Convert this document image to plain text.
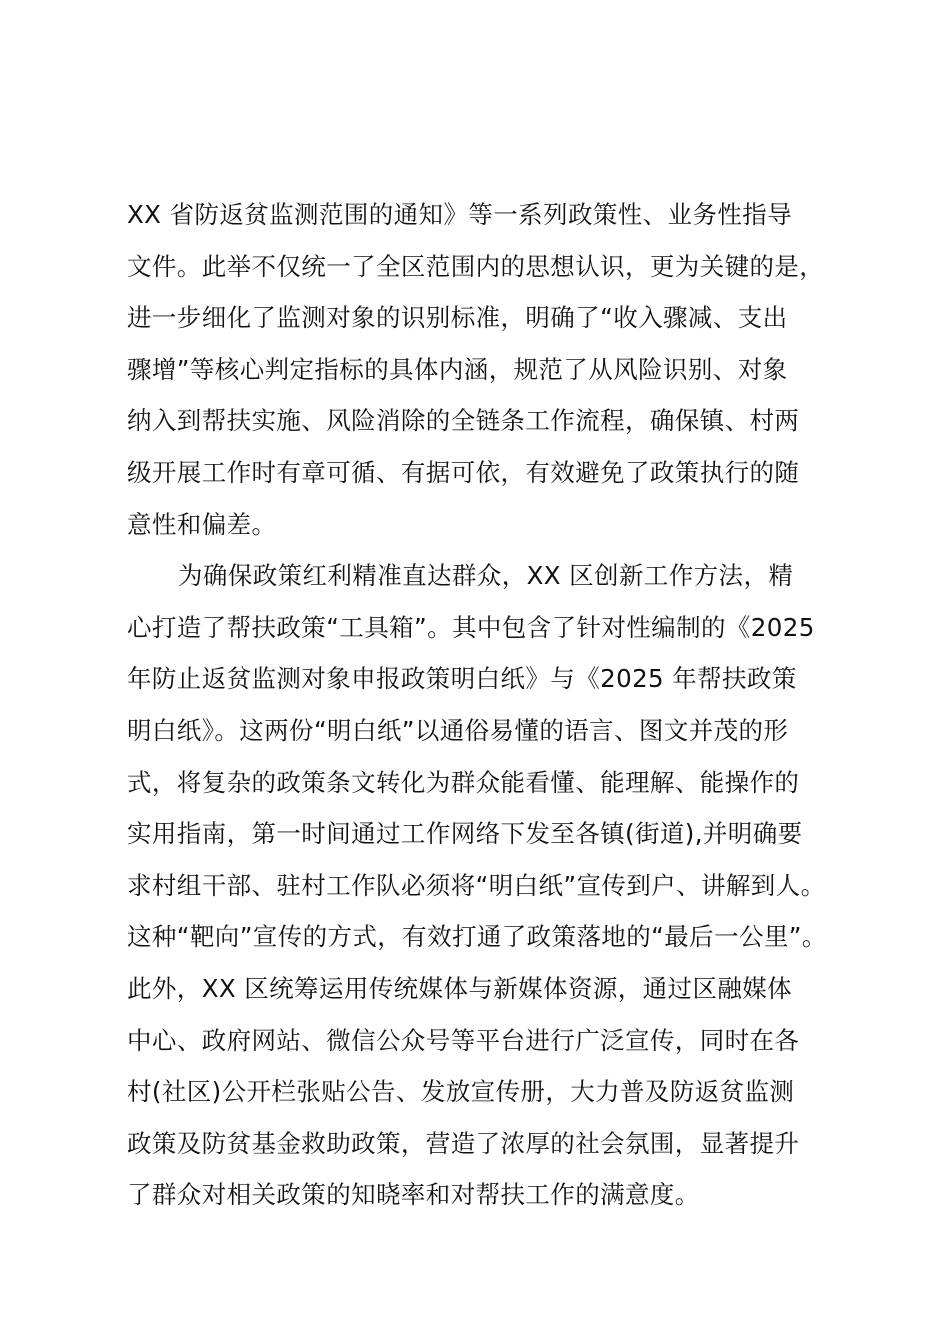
XX 省防返贫监测范围的通知》等一系列政策性、业务性指导
文件。此举不仅统一了全区范围内的思想认识，更为关键的是，
进一步细化了监测对象的识别标准，明确了“收入骤减、支出
骤增”等核心判定指标的具体内涵，规范了从风险识别、对象
纳入到帮扶实施、风险消除的全链条工作流程，确保镇、村两
级开展工作时有章可循、有据可依，有效避免了政策执行的随
意性和偏差。
为确保政策红利精准直达群众，XX 区创新工作方法，精
心打造了帮扶政策“工具箱”。其中包含了针对性编制的《2025
年防止返贫监测对象申报政策明白纸》与《2025 年帮扶政策
明白纸》。这两份“明白纸”以通俗易懂的语言、图文并茂的形
式，将复杂的政策条文转化为群众能看懂、能理解、能操作的
实用指南，第一时间通过工作网络下发至各镇(街道),并明确要
求村组干部、驻村工作队必须将“明白纸”宣传到户、讲解到人。
这种“靶向”宣传的方式，有效打通了政策落地的“最后一公里”。
此外，XX 区统筹运用传统媒体与新媒体资源，通过区融媒体
中心、政府网站、微信公众号等平台进行广泛宣传，同时在各
村(社区)公开栏张贴公告、发放宣传册，大力普及防返贫监测
政策及防贫基金救助政策，营造了浓厚的社会氛围，显著提升
了群众对相关政策的知晓率和对帮扶工作的满意度。
